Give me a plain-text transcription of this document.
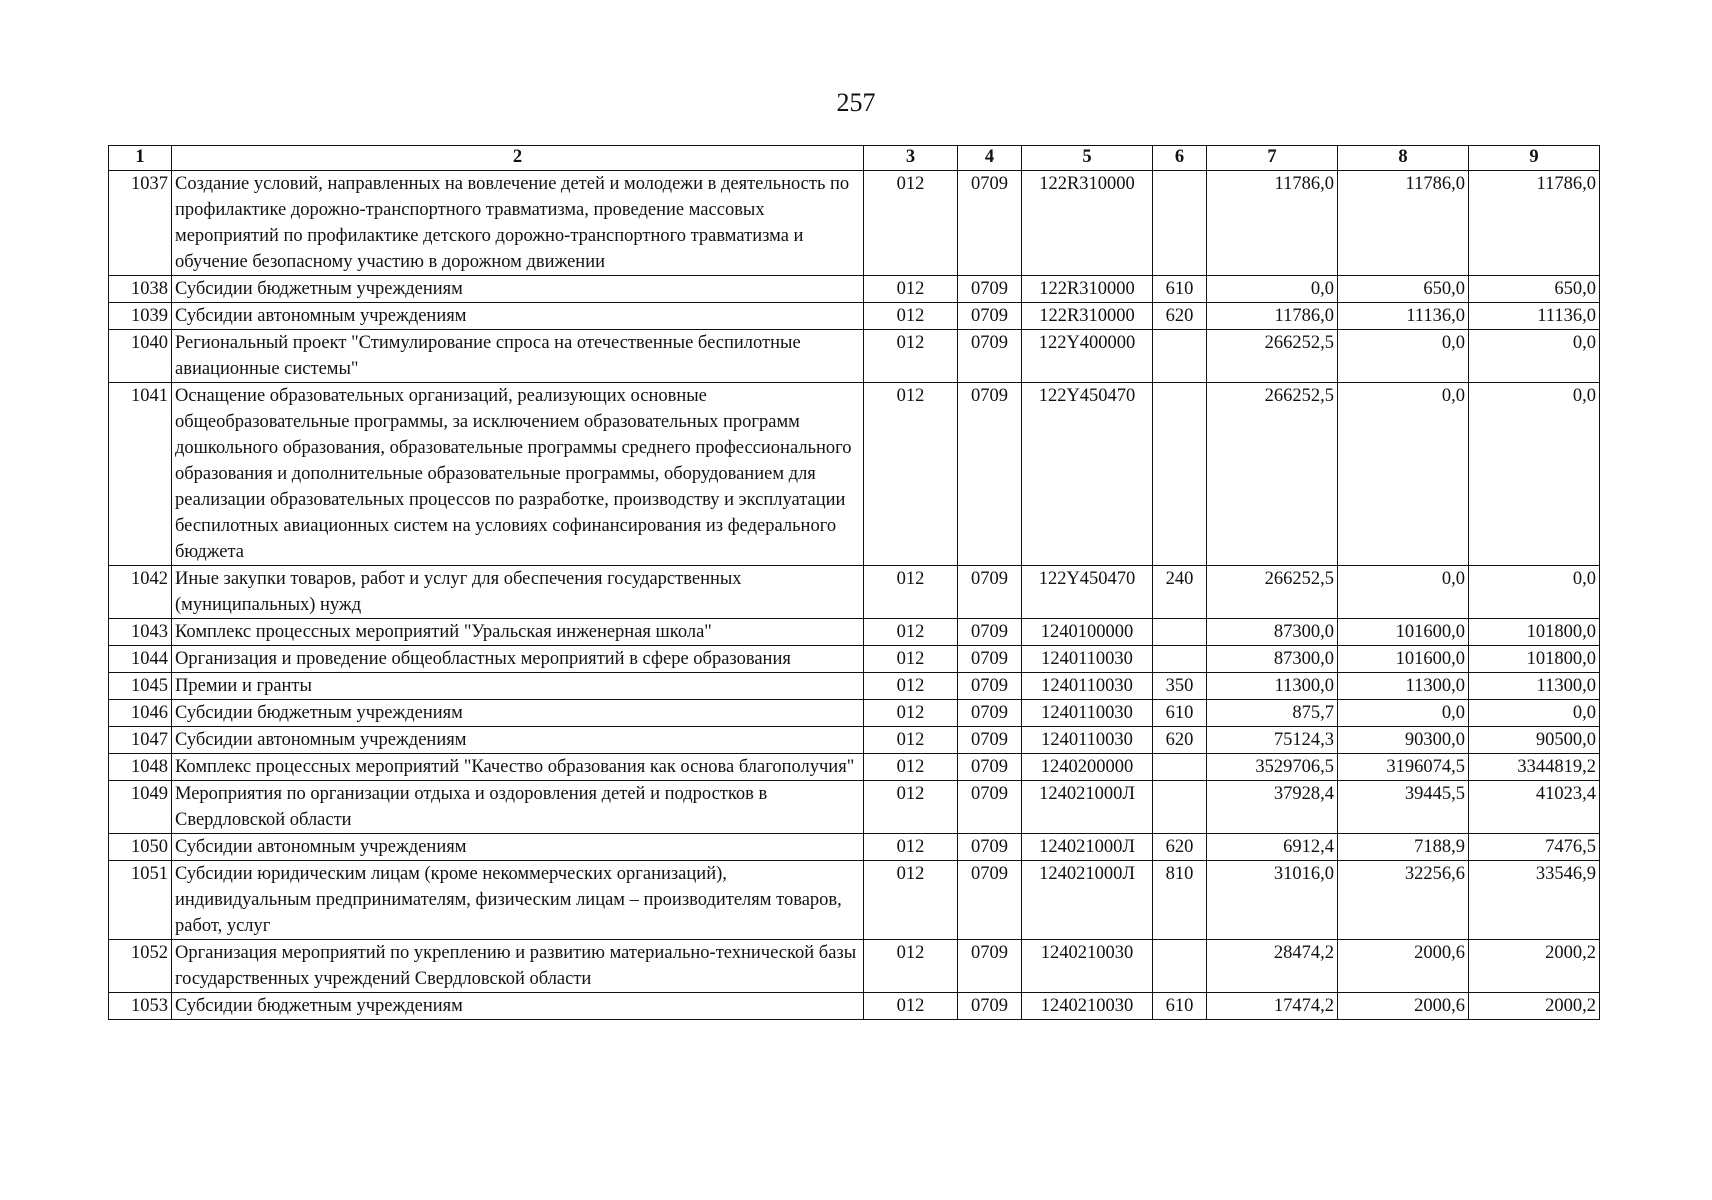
257
1	2	3	4	5	6	7	8	9
1037	Создание условий, направленных на вовлечение детей и молодежи в деятельность по профилактике дорожно-транспортного травматизма, проведение массовых мероприятий по профилактике детского дорожно-транспортного травматизма и обучение безопасному участию в дорожном движении	012	0709	122R310000		11786,0	11786,0	11786,0
1038	Субсидии бюджетным учреждениям	012	0709	122R310000	610	0,0	650,0	650,0
1039	Субсидии автономным учреждениям	012	0709	122R310000	620	11786,0	11136,0	11136,0
1040	Региональный проект "Стимулирование спроса на отечественные беспилотные авиационные системы"	012	0709	122Y400000		266252,5	0,0	0,0
1041	Оснащение образовательных организаций, реализующих основные общеобразовательные программы, за исключением образовательных программ дошкольного образования, образовательные программы среднего профессионального образования и дополнительные образовательные программы, оборудованием для реализации образовательных процессов по разработке, производству и эксплуатации беспилотных авиационных систем на условиях софинансирования из федерального бюджета	012	0709	122Y450470		266252,5	0,0	0,0
1042	Иные закупки товаров, работ и услуг для обеспечения государственных (муниципальных) нужд	012	0709	122Y450470	240	266252,5	0,0	0,0
1043	Комплекс процессных мероприятий "Уральская инженерная школа"	012	0709	1240100000		87300,0	101600,0	101800,0
1044	Организация и проведение общеобластных мероприятий в сфере образования	012	0709	1240110030		87300,0	101600,0	101800,0
1045	Премии и гранты	012	0709	1240110030	350	11300,0	11300,0	11300,0
1046	Субсидии бюджетным учреждениям	012	0709	1240110030	610	875,7	0,0	0,0
1047	Субсидии автономным учреждениям	012	0709	1240110030	620	75124,3	90300,0	90500,0
1048	Комплекс процессных мероприятий "Качество образования как основа благополучия"	012	0709	1240200000		3529706,5	3196074,5	3344819,2
1049	Мероприятия по организации отдыха и оздоровления детей и подростков в Свердловской области	012	0709	124021000Л		37928,4	39445,5	41023,4
1050	Субсидии автономным учреждениям	012	0709	124021000Л	620	6912,4	7188,9	7476,5
1051	Субсидии юридическим лицам (кроме некоммерческих организаций), индивидуальным предпринимателям, физическим лицам – производителям товаров, работ, услуг	012	0709	124021000Л	810	31016,0	32256,6	33546,9
1052	Организация мероприятий по укреплению и развитию материально-технической базы государственных учреждений Свердловской области	012	0709	1240210030		28474,2	2000,6	2000,2
1053	Субсидии бюджетным учреждениям	012	0709	1240210030	610	17474,2	2000,6	2000,2
